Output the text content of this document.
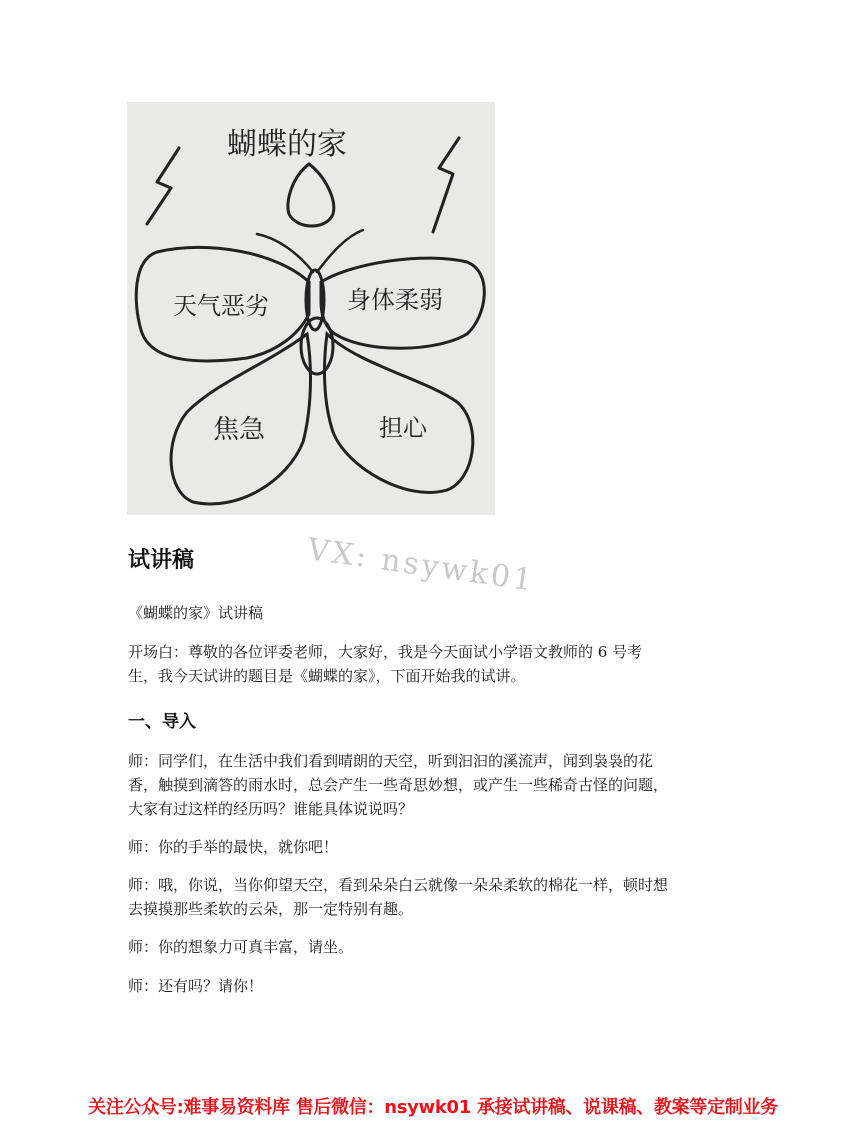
蝴蝶的家
天气恶劣	身体柔弱
焦急	担心
VX: nsywk01
试讲稿

《蝴蝶的家》试讲稿

开场白：尊敬的各位评委老师，大家好，我是今天面试小学语文教师的 6 号考

生，我今天试讲的题目是《蝴蝶的家》，下面开始我的试讲。

一、导入

师：同学们，在生活中我们看到晴朗的天空，听到汩汩的溪流声，闻到袅袅的花

香，触摸到滴答的雨水时，总会产生一些奇思妙想，或产生一些稀奇古怪的问题，

大家有过这样的经历吗？谁能具体说说吗？

师：你的手举的最快，就你吧！

师：哦，你说，当你仰望天空，看到朵朵白云就像一朵朵柔软的棉花一样，顿时想

去摸摸那些柔软的云朵，那一定特别有趣。

师：你的想象力可真丰富，请坐。

师：还有吗？请你！

关注公众号:难事易资料库 售后微信：nsywk01 承接试讲稿、说课稿、教案等定制业务
